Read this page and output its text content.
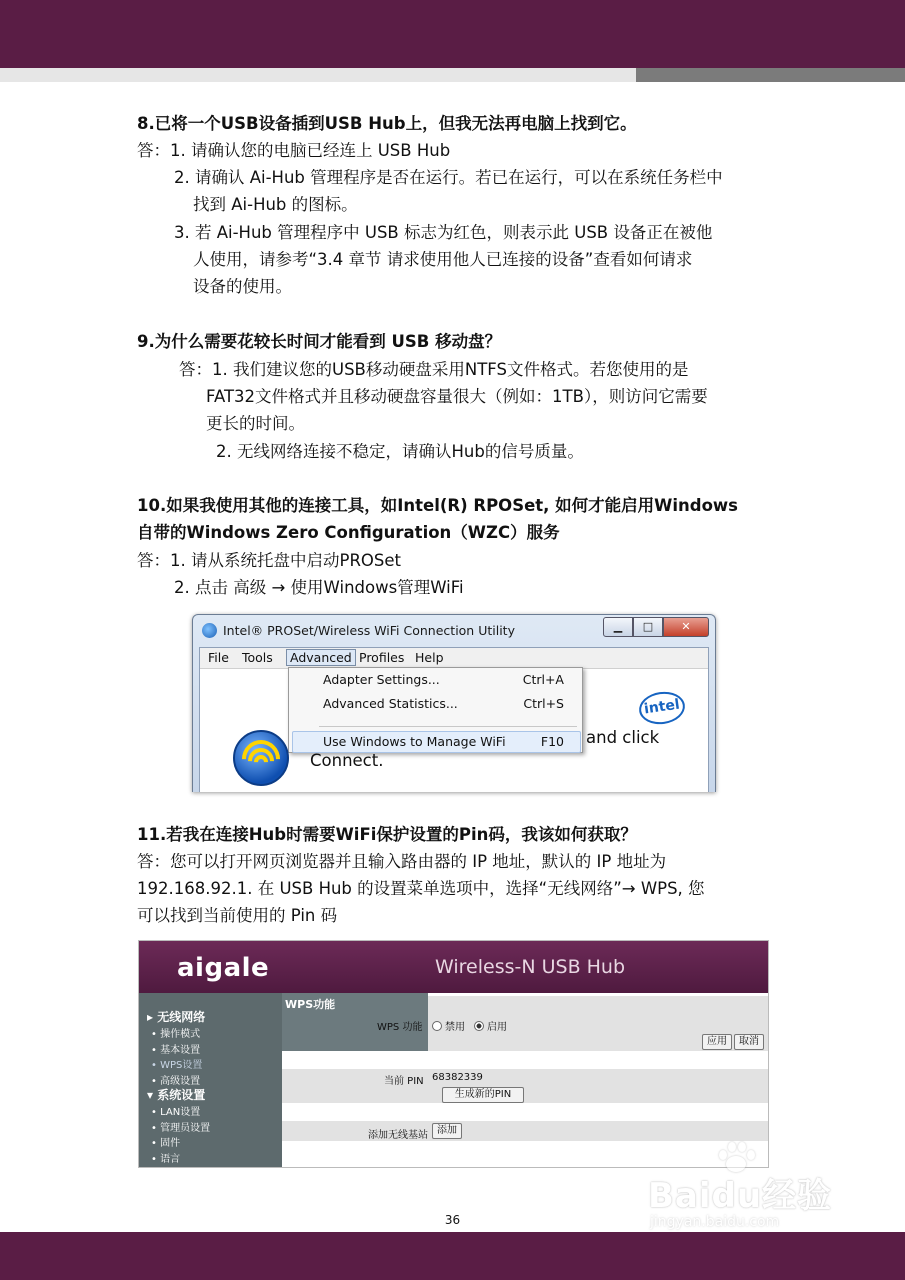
8.已将一个USB设备插到USB Hub上，但我无法再电脑上找到它。
答：1. 请确认您的电脑已经连上 USB Hub
2. 请确认 Ai-Hub 管理程序是否在运行。若已在运行，可以在系统任务栏中
找到 Ai-Hub 的图标。
3. 若 Ai-Hub 管理程序中 USB 标志为红色，则表示此 USB 设备正在被他
人使用，请参考“3.4 章节 请求使用他人已连接的设备”查看如何请求
设备的使用。
9.为什么需要花较长时间才能看到 USB 移动盘？
答：1. 我们建议您的USB移动硬盘采用NTFS文件格式。若您使用的是
FAT32文件格式并且移动硬盘容量很大（例如：1TB），则访问它需要
更长的时间。
2. 无线网络连接不稳定，请确认Hub的信号质量。
10.如果我使用其他的连接工具，如Intel(R) RPOSet, 如何才能启用Windows
自带的Windows Zero Configuration（WZC）服务
答：1. 请从系统托盘中启动PROSet
2. 点击 高级 → 使用Windows管理WiFi
Intel® PROSet/Wireless WiFi Connection Utility	▁	□	✕
File Tools	Advanced Profiles Help
Adapter Settings...	Ctrl+A
Advanced Statistics...	Ctrl+S
Use Windows to Manage WiFi	F10
intel
and click
Connect.
11.若我在连接Hub时需要WiFi保护设置的Pin码，我该如何获取？
答：您可以打开网页浏览器并且输入路由器的 IP 地址，默认的 IP 地址为
192.168.92.1. 在 USB Hub 的设置菜单选项中，选择“无线网络”→ WPS, 您
可以找到当前使用的 Pin 码
aigale	Wireless-N USB Hub
▸ 无线网络
• 操作模式
• 基本设置
• WPS设置
• 高级设置
▾ 系统设置
• LAN设置
• 管理员设置
• 固件
• 语言
WPS功能
WPS 功能	禁用	启用
应用	取消
当前 PIN 68382339
生成新的PIN
添加无线基站 添加
Baidu经验
jingyan.baidu.com
36
